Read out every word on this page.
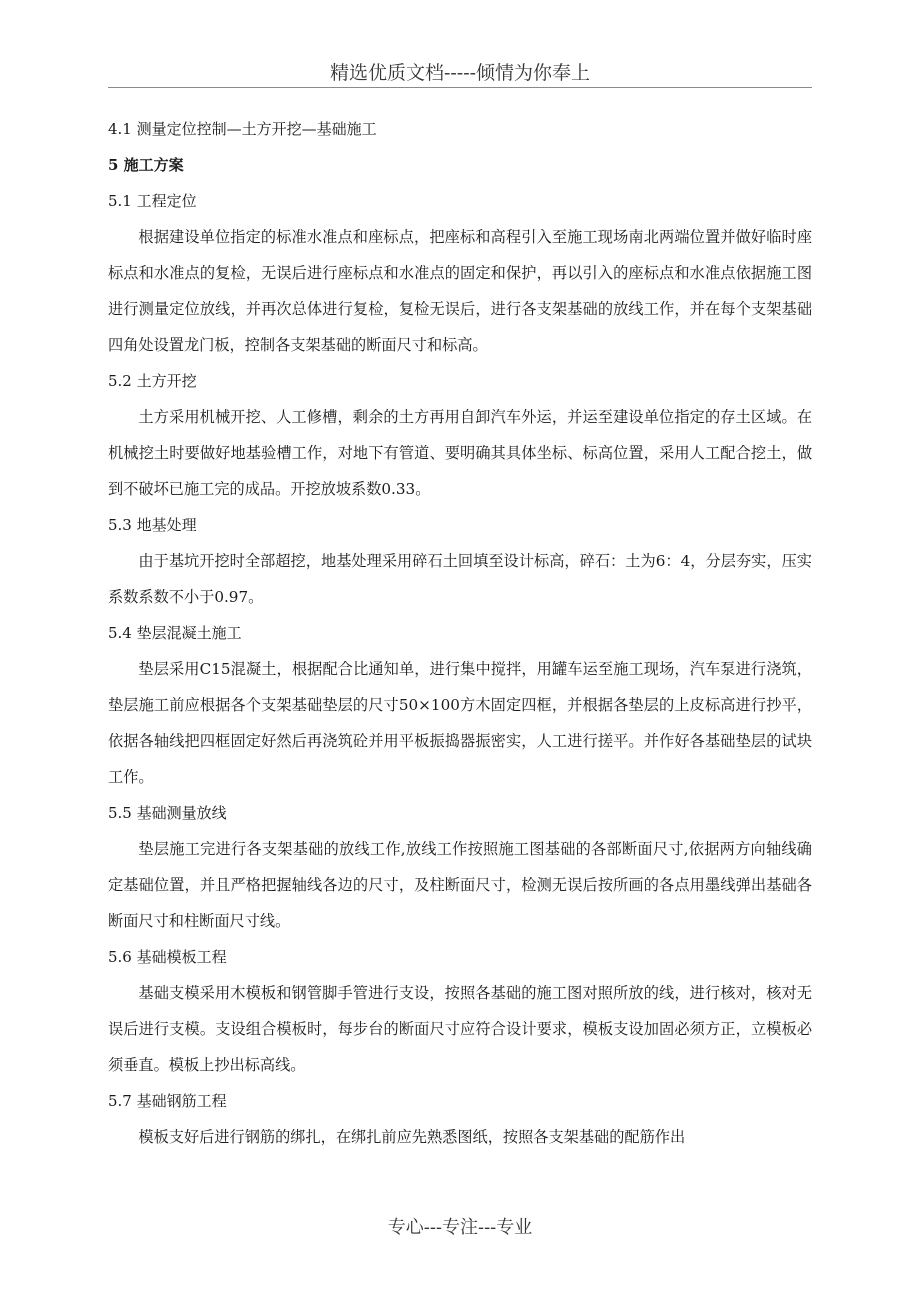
精选优质文档-----倾情为你奉上
4.1 测量定位控制—土方开挖—基础施工
5 施工方案
5.1 工程定位
根据建设单位指定的标准水准点和座标点，把座标和高程引入至施工现场南北两端位置并做好临时座标点和水准点的复检，无误后进行座标点和水准点的固定和保护，再以引入的座标点和水准点依据施工图进行测量定位放线，并再次总体进行复检，复检无误后，进行各支架基础的放线工作，并在每个支架基础四角处设置龙门板，控制各支架基础的断面尺寸和标高。
5.2 土方开挖
土方采用机械开挖、人工修槽，剩余的土方再用自卸汽车外运，并运至建设单位指定的存土区域。在机械挖土时要做好地基验槽工作，对地下有管道、要明确其具体坐标、标高位置，采用人工配合挖土，做到不破坏已施工完的成品。开挖放坡系数0.33。
5.3 地基处理
由于基坑开挖时全部超挖，地基处理采用碎石土回填至设计标高，碎石：土为6：4，分层夯实，压实系数系数不小于0.97。
5.4 垫层混凝土施工
垫层采用C15混凝土，根据配合比通知单，进行集中搅拌，用罐车运至施工现场，汽车泵进行浇筑，垫层施工前应根据各个支架基础垫层的尺寸50×100方木固定四框，并根据各垫层的上皮标高进行抄平，依据各轴线把四框固定好然后再浇筑砼并用平板振捣器振密实，人工进行搓平。并作好各基础垫层的试块工作。
5.5 基础测量放线
垫层施工完进行各支架基础的放线工作,放线工作按照施工图基础的各部断面尺寸,依据两方向轴线确定基础位置，并且严格把握轴线各边的尺寸，及柱断面尺寸，检测无误后按所画的各点用墨线弹出基础各断面尺寸和柱断面尺寸线。
5.6 基础模板工程
基础支模采用木模板和钢管脚手管进行支设，按照各基础的施工图对照所放的线，进行核对，核对无误后进行支模。支设组合模板时，每步台的断面尺寸应符合设计要求，模板支设加固必须方正，立模板必须垂直。模板上抄出标高线。
5.7 基础钢筋工程
模板支好后进行钢筋的绑扎，在绑扎前应先熟悉图纸，按照各支架基础的配筋作出
专心---专注---专业
